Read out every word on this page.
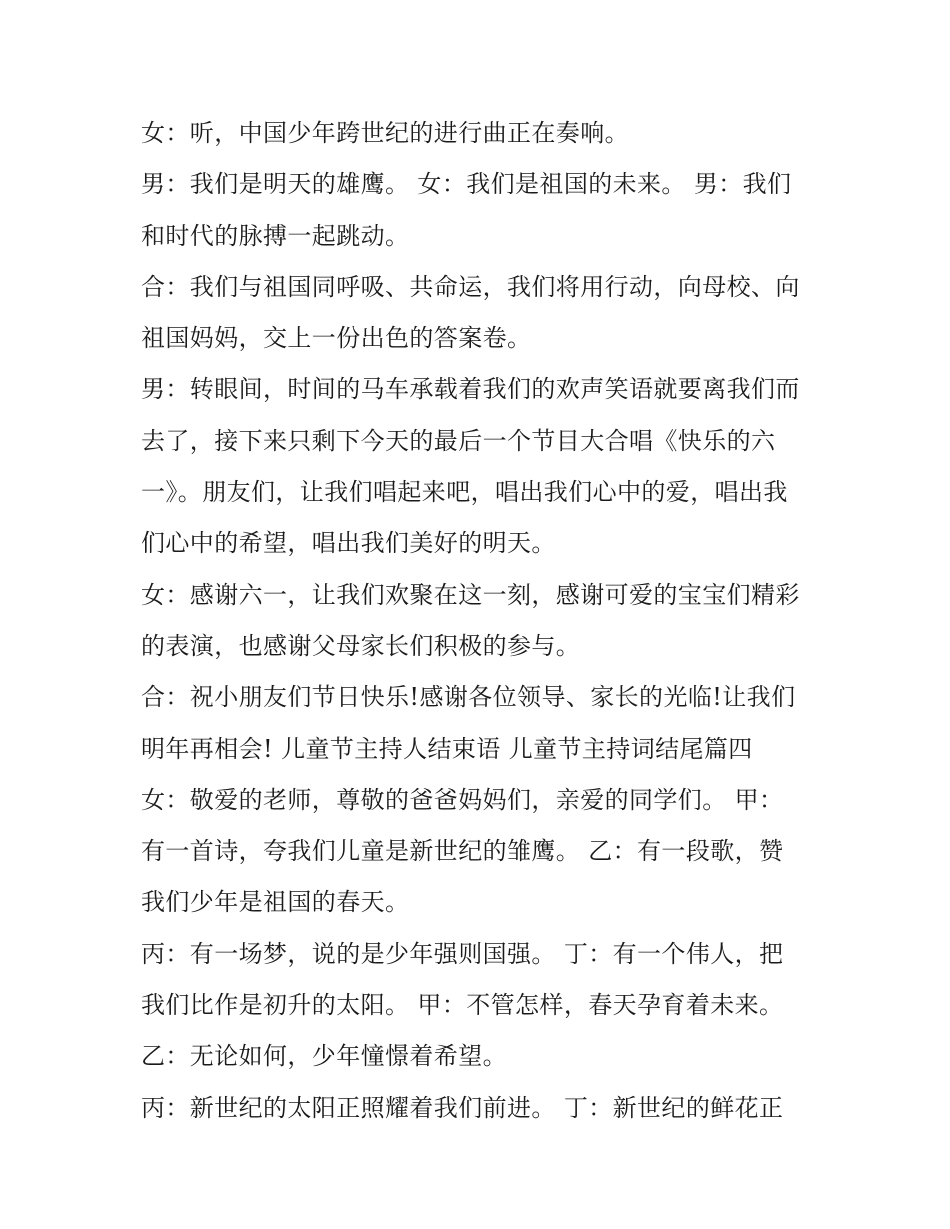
女：听，中国少年跨世纪的进行曲正在奏响。
男：我们是明天的雄鹰。 女：我们是祖国的未来。 男：我们
和时代的脉搏一起跳动。
合：我们与祖国同呼吸、共命运，我们将用行动，向母校、向
祖国妈妈，交上一份出色的答案卷。
男：转眼间，时间的马车承载着我们的欢声笑语就要离我们而
去了，接下来只剩下今天的最后一个节目大合唱《快乐的六
一》。朋友们，让我们唱起来吧，唱出我们心中的爱，唱出我
们心中的希望，唱出我们美好的明天。
女：感谢六一，让我们欢聚在这一刻，感谢可爱的宝宝们精彩
的表演，也感谢父母家长们积极的参与。
合：祝小朋友们节日快乐!感谢各位领导、家长的光临!让我们
明年再相会! 儿童节主持人结束语 儿童节主持词结尾篇四
女：敬爱的老师，尊敬的爸爸妈妈们，亲爱的同学们。 甲：
有一首诗，夸我们儿童是新世纪的雏鹰。 乙：有一段歌，赞
我们少年是祖国的春天。
丙：有一场梦，说的是少年强则国强。 丁：有一个伟人，把
我们比作是初升的太阳。 甲：不管怎样，春天孕育着未来。
乙：无论如何，少年憧憬着希望。
丙：新世纪的太阳正照耀着我们前进。 丁：新世纪的鲜花正
